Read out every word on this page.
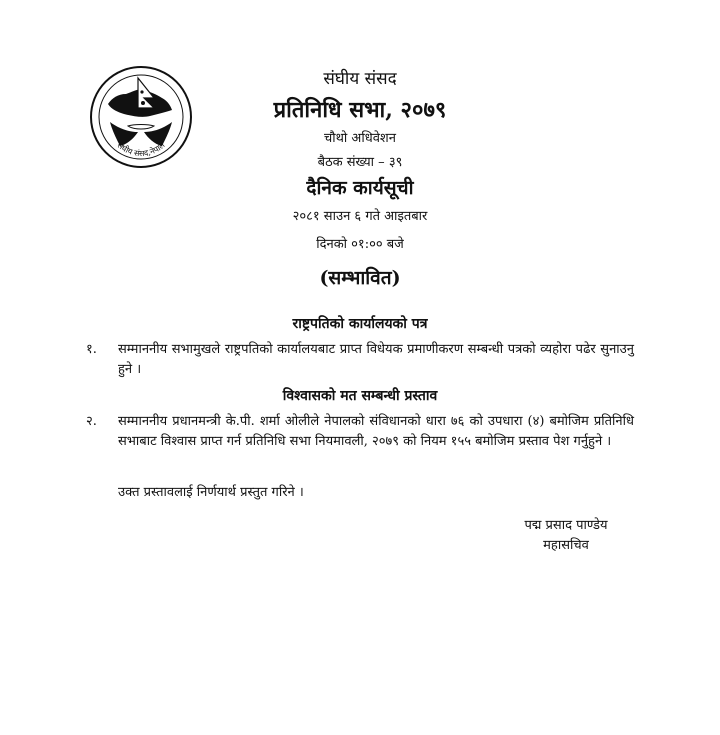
संघीय संसद,नेपाल
संघीय संसद
प्रतिनिधि सभा, २०७९
चौथो अधिवेशन
बैठक संख्या – ३९
दैनिक कार्यसूची
२०८१ साउन ६ गते आइतबार
दिनको ०१:०० बजे
(सम्भावित)
राष्ट्रपतिको कार्यालयको पत्र
१.	सम्माननीय सभामुखले राष्ट्रपतिको कार्यालयबाट प्राप्त विधेयक प्रमाणीकरण सम्बन्धी पत्रको व्यहोरा पढेर सुनाउनु हुने ।
विश्वासको मत सम्बन्धी प्रस्ताव
२.	सम्माननीय प्रधानमन्त्री के.पी. शर्मा ओलीले नेपालको संविधानको धारा ७६ को उपधारा (४) बमोजिम प्रतिनिधि सभाबाट विश्वास प्राप्त गर्न प्रतिनिधि सभा नियमावली, २०७९ को नियम १५५ बमोजिम प्रस्ताव पेश गर्नुहुने ।
उक्त प्रस्तावलाई निर्णयार्थ प्रस्तुत गरिने ।
पद्म प्रसाद पाण्डेय
महासचिव
